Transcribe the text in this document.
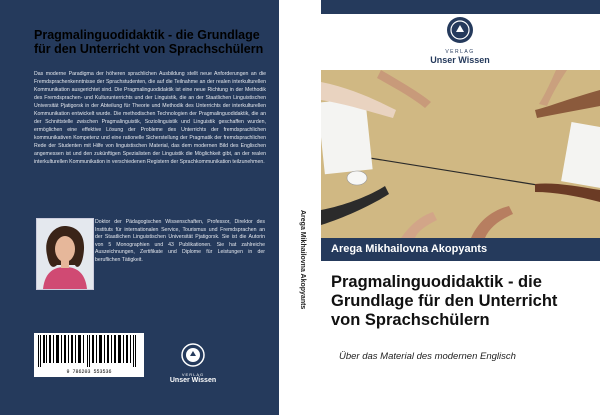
Pragmalinguodidaktik - die Grundlage für den Unterricht von Sprachschülern
Das moderne Paradigma der höheren sprachlichen Ausbildung stellt neue Anforderungen an die Fremdsprachenkenntnisse der Sprachstudenten, die auf die Teilnahme an der realen interkulturellen Kommunikation ausgerichtet sind. Die Pragmalinguodidaktik ist eine neue Richtung in der Methodik des Fremdsprachen- und Kulturunterrichts und der Linguistik, die an der Staatlichen Linguistischen Universität Pjatigorsk in der Abteilung für Theorie und Methodik des Unterrichts der interkulturellen Kommunikation entwickelt wurde. Die methodischen Technologien der Pragmalinguodidaktik, die an der Schnittstelle zwischen Pragmalinguistik, Soziolinguistik und Linguistik geschaffen wurden, ermöglichen eine effektive Lösung der Probleme des Unterrichts der fremdsprachlichen kommunikativen Kompetenz und eine rationelle Sicherstellung der Pragmatik der fremdsprachlichen Rede der Studenten mit Hilfe von linguistischen Material, das dem modernen Bild des Englischen angemessen ist und den zukünftigen Spezialisten der Linguistik die Möglichkeit gibt, an der realen interkulturellen Kommunikation in verschiedenen Registern der Sprachkommunikation teilzunehmen.
Doktor der Pädagogischen Wissenschaften, Professor, Direktor des Instituts für internationalen Service, Tourismus und Fremdsprachen an der Staatlichen Linguistischen Universität Pjatigorsk. Sie ist die Autorin von 5 Monographien und 43 Publikationen. Sie hat zahlreiche Auszeichnungen, Zertifikate und Diplome für Leistungen in der beruflichen Tätigkeit.
9 786203 553536	VERLAG
Unser Wissen
Arega Mikhailovna Akopyants
VERLAG
Unser Wissen
Arega Mikhailovna Akopyants
Pragmalinguodidaktik - die Grundlage für den Unterricht von Sprachschülern
Über das Material des modernen Englisch
